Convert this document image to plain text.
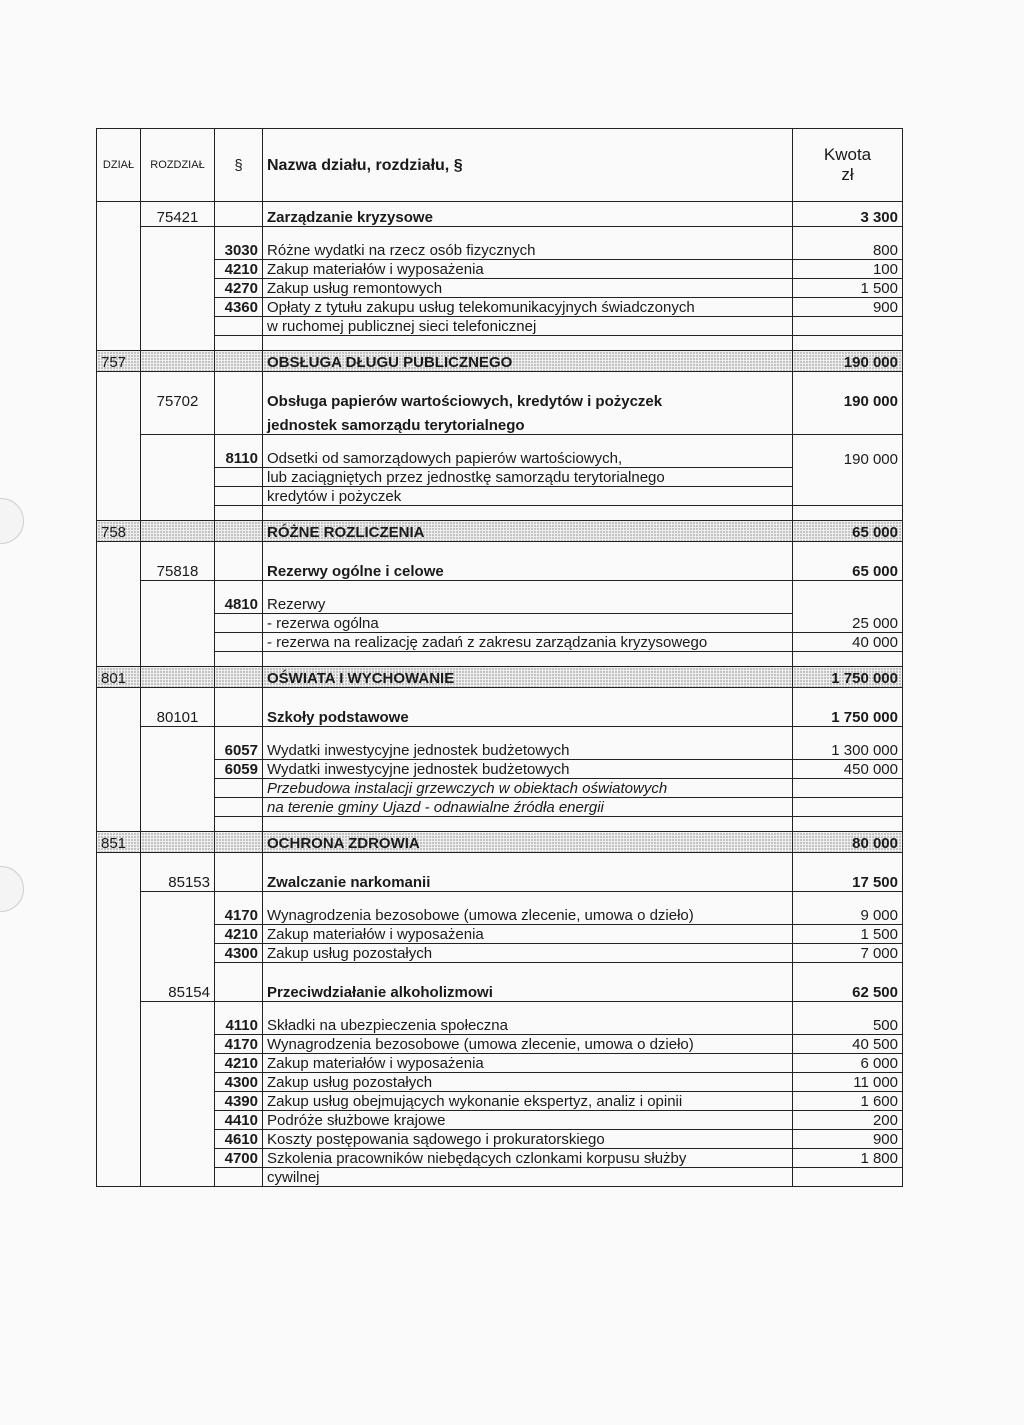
DZIAŁ	ROZDZIAŁ	§	Nazwa działu, rozdziału, §	Kwota
zł
	75421		Zarządzanie kryzysowe	3 300

		3030	Różne wydatki na rzecz osób fizycznych	800
		4210	Zakup materiałów i wyposażenia	100
		4270	Zakup usług remontowych	1 500
		4360	Opłaty z tytułu zakupu usług telekomunikacyjnych świadczonych	900
			w ruchomej publicznej sieci telefonicznej	

757			OBSŁUGA DŁUGU PUBLICZNEGO	190 000

	75702		Obsługa papierów wartościowych, kredytów i pożyczek	190 000
			jednostek samorządu terytorialnego	

		8110	Odsetki od samorządowych papierów wartościowych,	190 000
			lub zaciągniętych przez jednostkę samorządu terytorialnego	
			kredytów i pożyczek	

758			RÓŻNE ROZLICZENIA	65 000

	75818		Rezerwy ogólne i celowe	65 000

		4810	Rezerwy	
			- rezerwa ogólna	25 000
			- rezerwa na realizację zadań z zakresu zarządzania kryzysowego	40 000

801			OŚWIATA I WYCHOWANIE	1 750 000

	80101		Szkoły podstawowe	1 750 000

		6057	Wydatki inwestycyjne jednostek budżetowych	1 300 000
		6059	Wydatki inwestycyjne jednostek budżetowych	450 000
			Przebudowa instalacji grzewczych w obiektach oświatowych	
			na terenie gminy Ujazd - odnawialne źródła energii	

851			OCHRONA ZDROWIA	80 000

	85153		Zwalczanie narkomanii	17 500

		4170	Wynagrodzenia bezosobowe (umowa zlecenie, umowa o dzieło)	9 000
		4210	Zakup materiałów i wyposażenia	1 500
		4300	Zakup usług pozostałych	7 000

	85154		Przeciwdziałanie alkoholizmowi	62 500

		4110	Składki na ubezpieczenia społeczna	500
		4170	Wynagrodzenia bezosobowe (umowa zlecenie, umowa o dzieło)	40 500
		4210	Zakup materiałów i wyposażenia	6 000
		4300	Zakup usług pozostałych	11 000
		4390	Zakup usług obejmujących wykonanie ekspertyz, analiz i opinii	1 600
		4410	Podróże służbowe krajowe	200
		4610	Koszty postępowania sądowego i prokuratorskiego	900
		4700	Szkolenia pracowników niebędących czlonkami korpusu służby	1 800
			cywilnej	
